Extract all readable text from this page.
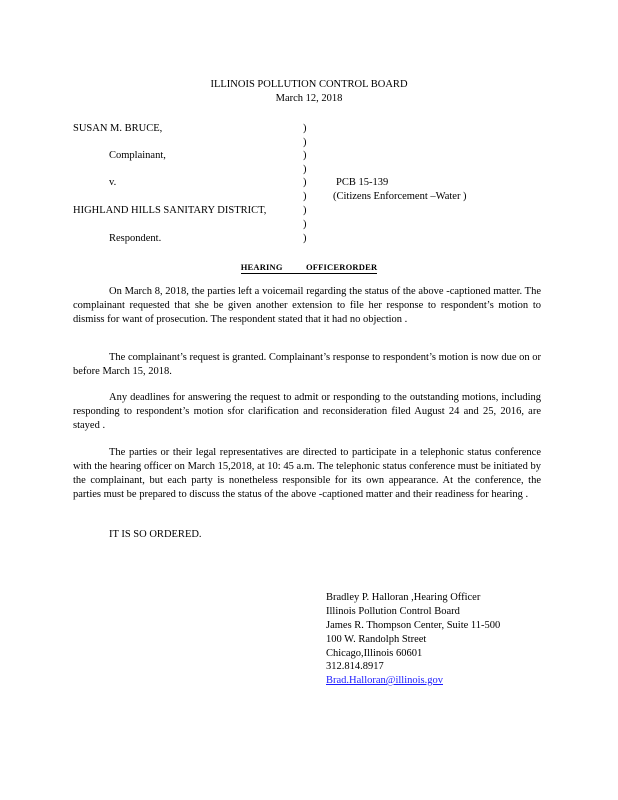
ILLINOIS POLLUTION CONTROL BOARD
March 12, 2018
SUSAN M. BRUCE,
Complainant,
v.
HIGHLAND HILLS SANITARY DISTRICT,
Respondent.
PCB 15-139
(Citizens Enforcement –Water )
)
)
)
)
)
)
)
)
)
HEARING          OFFICERORDER
On March 8, 2018, the parties left a voicemail regarding the status of the above -captioned matter. The complainant requested that she be given another extension to file her response to respondent’s motion to dismiss for want of prosecution. The respondent stated that it had no objection .
The complainant’s request is granted. Complainant’s response to respondent’s motion is now due on or before March 15, 2018.
Any deadlines for answering the request to admit or responding to the outstanding motions, including responding to respondent’s motion sfor clarification and reconsideration filed August 24 and 25, 2016, are stayed .
The parties or their legal representatives are directed to participate in a telephonic status conference with the hearing officer on March 15,2018, at 10: 45 a.m. The telephonic status conference must be initiated by the complainant, but each party is nonetheless responsible for its own appearance. At the conference, the parties must be prepared to discuss the status of the above -captioned matter and their readiness for hearing .
IT IS SO ORDERED.
Bradley P. Halloran ,Hearing Officer
Illinois Pollution Control Board
James R. Thompson Center, Suite 11-500
100 W. Randolph Street
Chicago,Illinois 60601
312.814.8917
Brad.Halloran@illinois.gov
